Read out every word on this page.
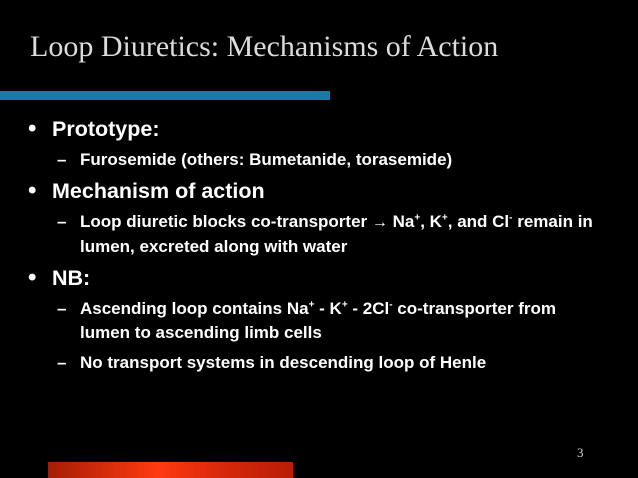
Loop Diuretics: Mechanisms of Action
• Prototype:
– Furosemide (others: Bumetanide, torasemide)
• Mechanism of action
– Loop diuretic blocks co-transporter → Na+, K+, and Cl- remain in lumen, excreted along with water
• NB:
– Ascending loop contains Na+ - K+ - 2Cl- co-transporter from lumen to ascending limb cells
– No transport systems in descending loop of Henle
3
